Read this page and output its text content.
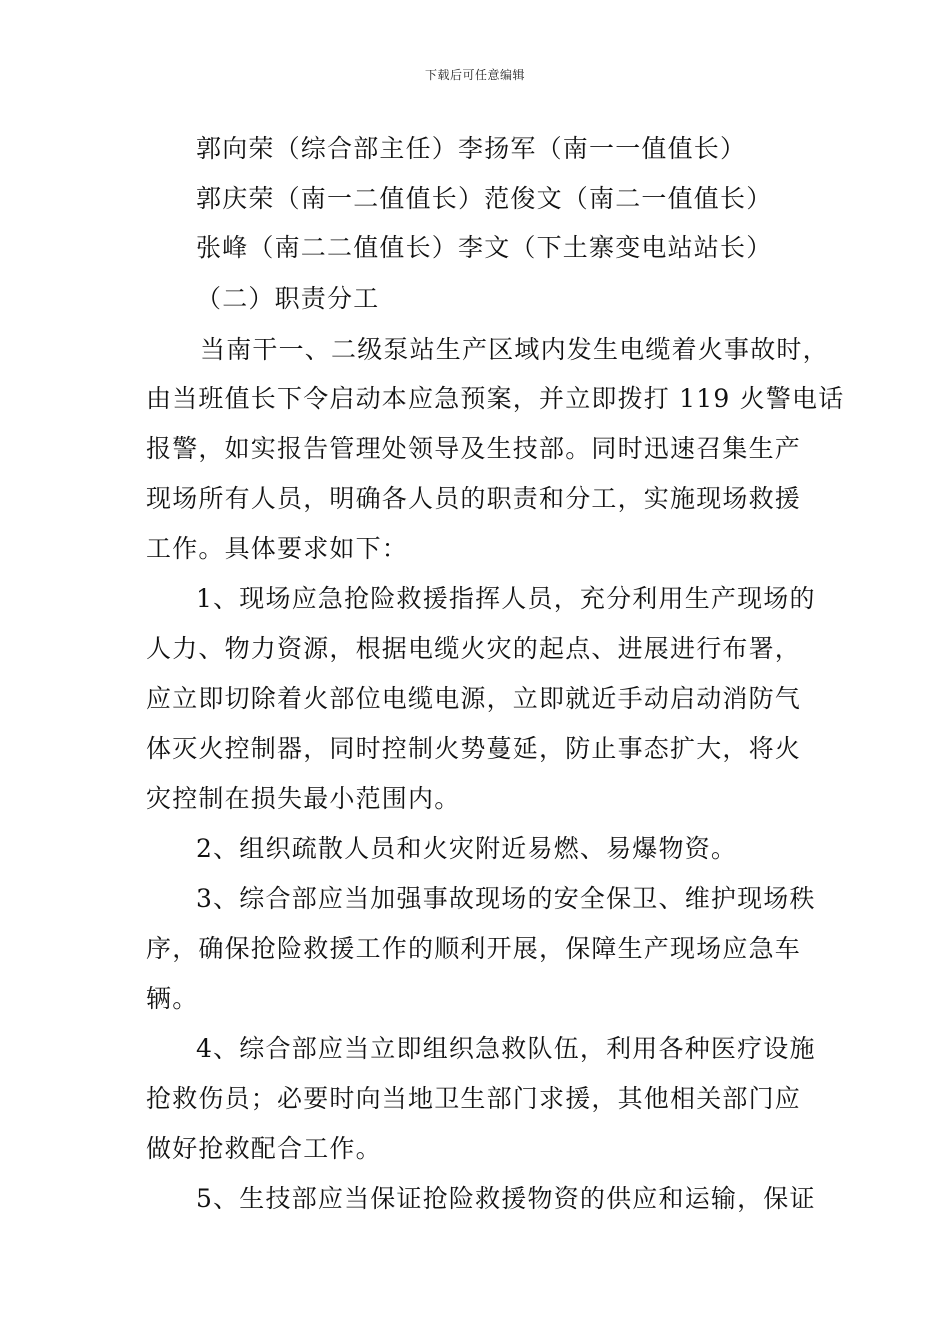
下载后可任意编辑
郭向荣（综合部主任）李扬军（南一一值值长）
郭庆荣（南一二值值长）范俊文（南二一值值长）
张峰（南二二值值长）李文（下土寨变电站站长）
（二）职责分工
当南干一、二级泵站生产区域内发生电缆着火事故时，
由当班值长下令启动本应急预案，并立即拨打 119 火警电话
报警，如实报告管理处领导及生技部。同时迅速召集生产
现场所有人员，明确各人员的职责和分工，实施现场救援
工作。具体要求如下：
1、现场应急抢险救援指挥人员，充分利用生产现场的
人力、物力资源，根据电缆火灾的起点、进展进行布署，
应立即切除着火部位电缆电源，立即就近手动启动消防气
体灭火控制器，同时控制火势蔓延，防止事态扩大，将火
灾控制在损失最小范围内。
2、组织疏散人员和火灾附近易燃、易爆物资。
3、综合部应当加强事故现场的安全保卫、维护现场秩
序，确保抢险救援工作的顺利开展，保障生产现场应急车
辆。
4、综合部应当立即组织急救队伍，利用各种医疗设施
抢救伤员；必要时向当地卫生部门求援，其他相关部门应
做好抢救配合工作。
5、生技部应当保证抢险救援物资的供应和运输，保证
